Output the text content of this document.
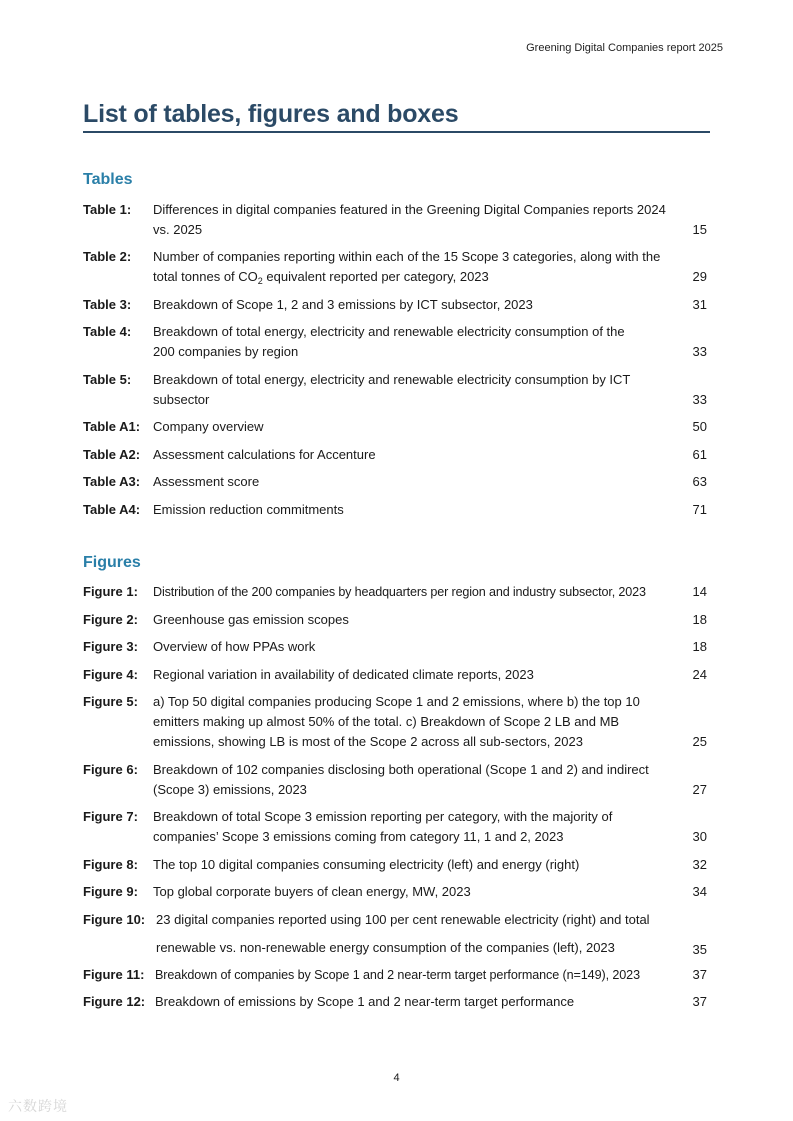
Greening Digital Companies report 2025
List of tables, figures and boxes
Tables
Table 1: Differences in digital companies featured in the Greening Digital Companies reports 2024 vs. 2025	15
Table 2: Number of companies reporting within each of the 15 Scope 3 categories, along with the total tonnes of $CO_2$ equivalent reported per category, 2023	29
Table 3: Breakdown of Scope 1, 2 and 3 emissions by ICT subsector, 2023	31
Table 4: Breakdown of total energy, electricity and renewable electricity consumption of the 200 companies by region	33
Table 5: Breakdown of total energy, electricity and renewable electricity consumption by ICT subsector	33
Table A1: Company overview	50
Table A2: Assessment calculations for Accenture	61
Table A3: Assessment score	63
Table A4: Emission reduction commitments	71
Figures
Figure 1: Distribution of the 200 companies by headquarters per region and industry subsector, 2023	14
Figure 2: Greenhouse gas emission scopes	18
Figure 3: Overview of how PPAs work	18
Figure 4: Regional variation in availability of dedicated climate reports, 2023	24
Figure 5: a) Top 50 digital companies producing Scope 1 and 2 emissions, where b) the top 10 emitters making up almost 50% of the total. c) Breakdown of Scope 2 LB and MB emissions, showing LB is most of the Scope 2 across all sub-sectors, 2023	25
Figure 6: Breakdown of 102 companies disclosing both operational (Scope 1 and 2) and indirect (Scope 3) emissions, 2023	27
Figure 7: Breakdown of total Scope 3 emission reporting per category, with the majority of companies’ Scope 3 emissions coming from category 11, 1 and 2, 2023	30
Figure 8: The top 10 digital companies consuming electricity (left) and energy (right)	32
Figure 9: Top global corporate buyers of clean energy, MW, 2023	34
Figure 10: 23 digital companies reported using 100 per cent renewable electricity (right) and total renewable vs. non-renewable energy consumption of the companies (left), 2023	35
Figure 11: Breakdown of companies by Scope 1 and 2 near-term target performance (n=149), 2023	37
Figure 12: Breakdown of emissions by Scope 1 and 2 near-term target performance	37
4
六数跨境
